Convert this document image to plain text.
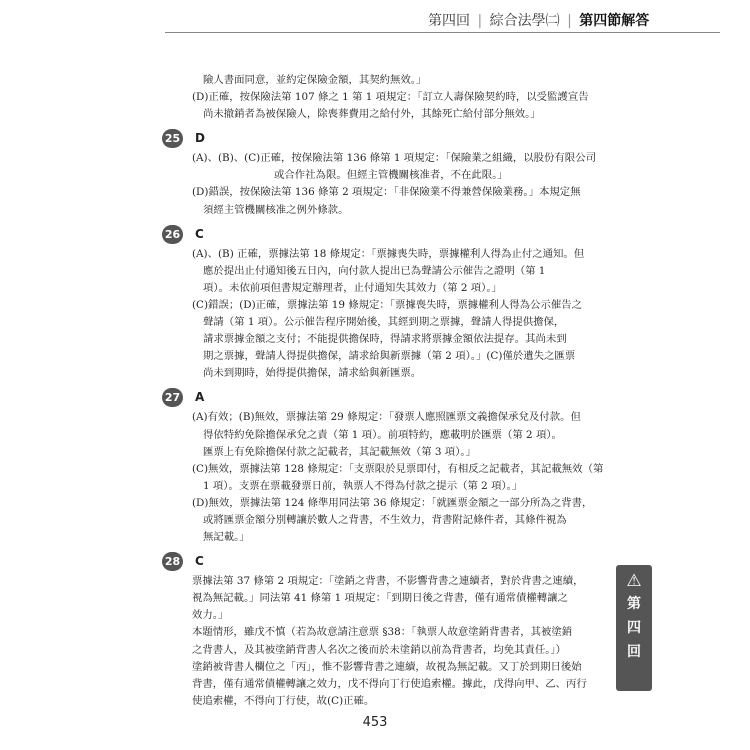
第四回 | 綜合法學㈡ | 第四節解答
險人書面同意，並約定保險金額，其契約無效。」
(D)正確，按保險法第 107 條之 1 第 1 項規定：「訂立人壽保險契約時，以受監護宣告
尚未撤銷者為被保險人，除喪葬費用之給付外，其餘死亡給付部分無效。」
25 D
(A)、(B)、(C)正確，按保險法第 136 條第 1 項規定：「保險業之組織，以股份有限公司
或合作社為限。但經主管機關核准者，不在此限。」
(D)錯誤，按保險法第 136 條第 2 項規定：「非保險業不得兼營保險業務。」本規定無
須經主管機關核准之例外條款。
26 C
(A)、(B) 正確，票據法第 18 條規定：「票據喪失時，票據權利人得為止付之通知。但
應於提出止付通知後五日內，向付款人提出已為聲請公示催告之證明（第 1
項）。未依前項但書規定辦理者，止付通知失其效力（第 2 項）。」
(C)錯誤；(D)正確，票據法第 19 條規定：「票據喪失時，票據權利人得為公示催告之
聲請（第 1 項）。公示催告程序開始後，其經到期之票據，聲請人得提供擔保，
請求票據金額之支付；不能提供擔保時，得請求將票據金額依法提存。其尚未到
期之票據，聲請人得提供擔保，請求給與新票據（第 2 項）。」(C)僅於遺失之匯票
尚未到期時，始得提供擔保，請求給與新匯票。
27 A
(A)有效；(B)無效，票據法第 29 條規定：「發票人應照匯票文義擔保承兌及付款。但
得依特約免除擔保承兌之責（第 1 項）。前項特約，應載明於匯票（第 2 項）。
匯票上有免除擔保付款之記載者，其記載無效（第 3 項）。」
(C)無效，票據法第 128 條規定：「支票限於見票即付，有相反之記載者，其記載無效（第
1 項）。支票在票載發票日前，執票人不得為付款之提示（第 2 項）。」
(D)無效，票據法第 124 條準用同法第 36 條規定：「就匯票金額之一部分所為之背書，
或將匯票金額分別轉讓於數人之背書，不生效力，背書附記條件者，其條件視為
無記載。」
28 C
票據法第 37 條第 2 項規定：「塗銷之背書，不影響背書之連續者，對於背書之連續，
視為無記載。」同法第 41 條第 1 項規定：「到期日後之背書，僅有通常債權轉讓之
效力。」
本題情形，雖戊不慎（若為故意請注意票 §38：「執票人故意塗銷背書者，其被塗銷
之背書人，及其被塗銷背書人名次之後而於未塗銷以前為背書者，均免其責任。」）
塗銷被背書人欄位之「丙」，惟不影響背書之連續，故視為無記載。又丁於到期日後始
背書，僅有通常債權轉讓之效力，戊不得向丁行使追索權。據此，戊得向甲、乙、丙行
使追索權，不得向丁行使，故(C)正確。
⚠
第
四
回
453
